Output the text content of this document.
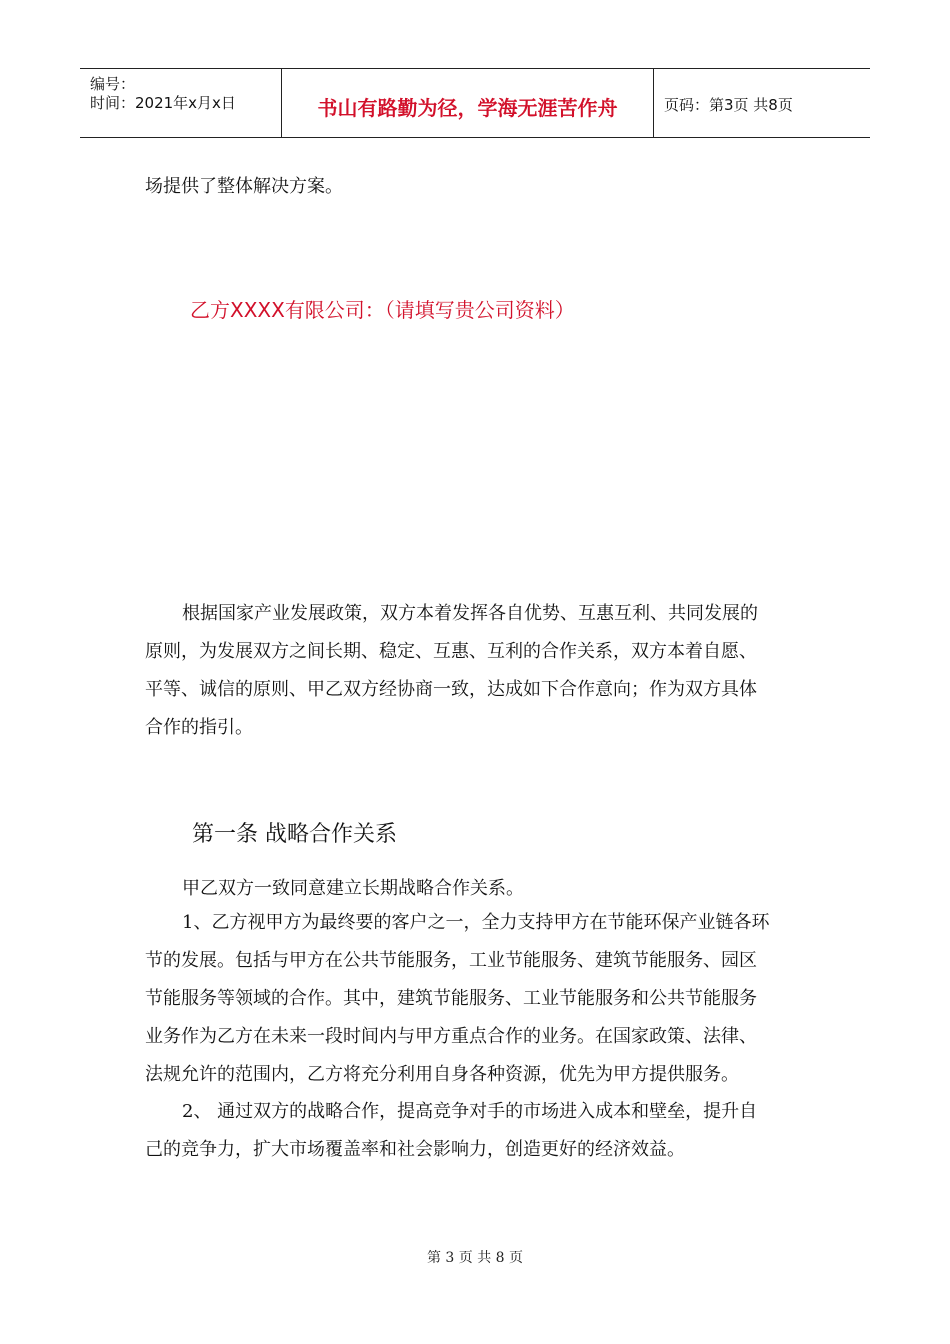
编号：
时间：2021年x月x日	书山有路勤为径，学海无涯苦作舟	页码：第3页 共8页
场提供了整体解决方案。
乙方XXXX有限公司：（请填写贵公司资料）
根据国家产业发展政策，双方本着发挥各自优势、互惠互利、共同发展的
原则，为发展双方之间长期、稳定、互惠、互利的合作关系，双方本着自愿、
平等、诚信的原则、甲乙双方经协商一致，达成如下合作意向；作为双方具体
合作的指引。
第一条 战略合作关系
甲乙双方一致同意建立长期战略合作关系。
1、乙方视甲方为最终要的客户之一，全力支持甲方在节能环保产业链各环
节的发展。包括与甲方在公共节能服务，工业节能服务、建筑节能服务、园区
节能服务等领域的合作。其中，建筑节能服务、工业节能服务和公共节能服务
业务作为乙方在未来一段时间内与甲方重点合作的业务。在国家政策、法律、
法规允许的范围内，乙方将充分利用自身各种资源，优先为甲方提供服务。
2、 通过双方的战略合作，提高竞争对手的市场进入成本和壁垒，提升自
己的竞争力，扩大市场覆盖率和社会影响力，创造更好的经济效益。
第 3 页 共 8 页
